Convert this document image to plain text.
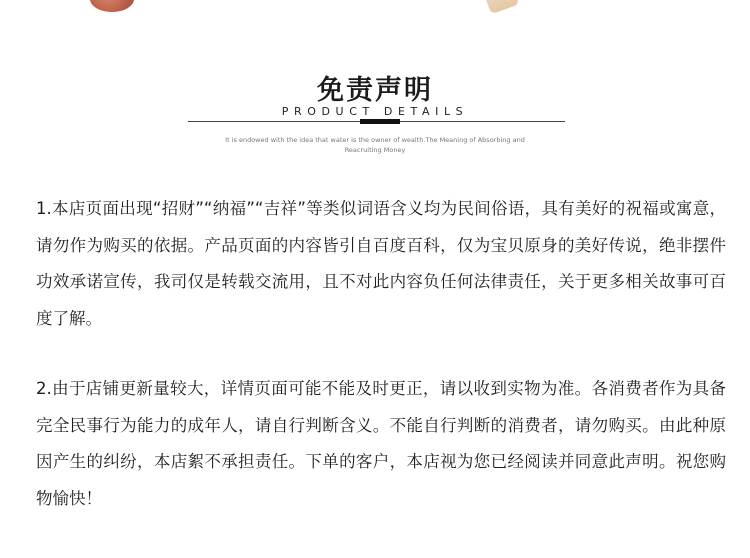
免责声明
PRODUCT DETAILS
It is endowed with the idea that water is the owner of wealth.The Meaning of Absorbing and Reacruiting Money
1.本店页面出现“招财”“纳福”“吉祥”等类似词语含义均为民间俗语，具有美好的祝福或寓意，请勿作为购买的依据。产品页面的内容皆引自百度百科，仅为宝贝原身的美好传说，绝非摆件功效承诺宣传，我司仅是转载交流用，且不对此内容负任何法律责任，关于更多相关故事可百度了解。
2.由于店铺更新量较大，详情页面可能不能及时更正，请以收到实物为准。各消费者作为具备完全民事行为能力的成年人，请自行判断含义。不能自行判断的消费者，请勿购买。由此种原因产生的纠纷，本店絮不承担责任。下单的客户，本店视为您已经阅读并同意此声明。祝您购物愉快！
